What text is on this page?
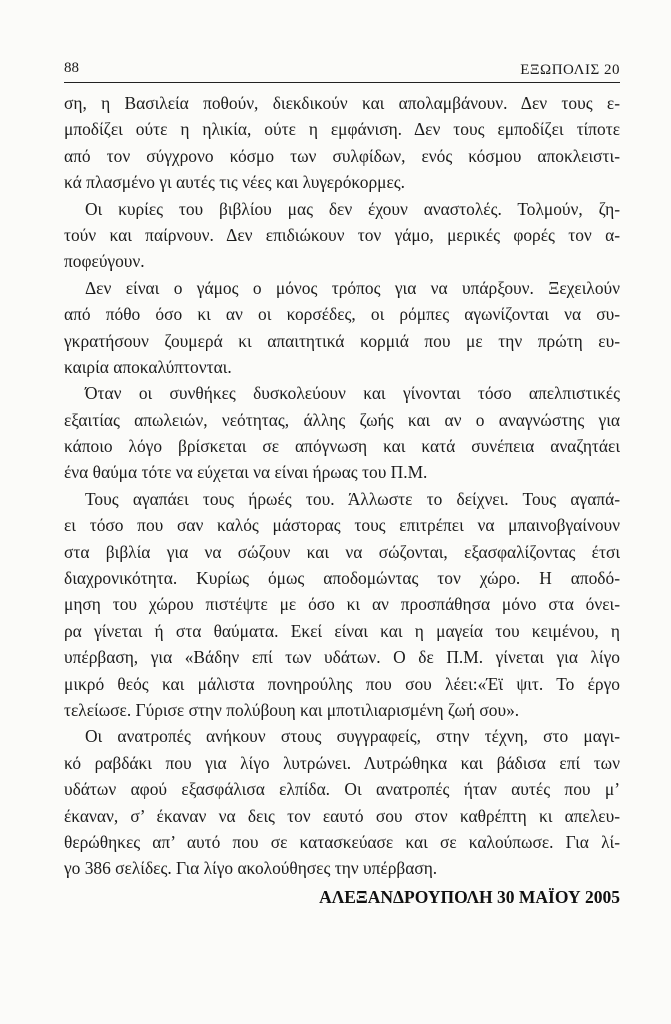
88	ΕΞΩΠΟΛΙΣ 20
ση, η Βασιλεία ποθούν, διεκδικούν και απολαμβάνουν. Δεν τους ε-
μποδίζει ούτε η ηλικία, ούτε η εμφάνιση. Δεν τους εμποδίζει τίποτε
από τον σύγχρονο κόσμο των συλφίδων, ενός κόσμου αποκλειστι-
κά πλασμένο γι αυτές τις νέες και λυγερόκορμες.
Οι κυρίες του βιβλίου μας δεν έχουν αναστολές. Τολμούν, ζη-
τούν και παίρνουν. Δεν επιδιώκουν τον γάμο, μερικές φορές τον α-
ποφεύγουν.
Δεν είναι ο γάμος ο μόνος τρόπος για να υπάρξουν. Ξεχειλούν
από πόθο όσο κι αν οι κορσέδες, οι ρόμπες αγωνίζονται να συ-
γκρατήσουν ζουμερά κι απαιτητικά κορμιά που με την πρώτη ευ-
καιρία αποκαλύπτονται.
Όταν οι συνθήκες δυσκολεύουν και γίνονται τόσο απελπιστικές
εξαιτίας απωλειών, νεότητας, άλλης ζωής και αν ο αναγνώστης για
κάποιο λόγο βρίσκεται σε απόγνωση και κατά συνέπεια αναζητάει
ένα θαύμα τότε να εύχεται να είναι ήρωας του Π.Μ.
Τους αγαπάει τους ήρωές του. Άλλωστε το δείχνει. Τους αγαπά-
ει τόσο που σαν καλός μάστορας τους επιτρέπει να μπαινοβγαίνουν
στα βιβλία για να σώζουν και να σώζονται, εξασφαλίζοντας έτσι
διαχρονικότητα. Κυρίως όμως αποδομώντας τον χώρο. Η αποδό-
μηση του χώρου πιστέψτε με όσο κι αν προσπάθησα μόνο στα όνει-
ρα γίνεται ή στα θαύματα. Εκεί είναι και η μαγεία του κειμένου, η
υπέρβαση, για «Βάδην επί των υδάτων. Ο δε Π.Μ. γίνεται για λίγο
μικρό θεός και μάλιστα πονηρούλης που σου λέει:«Έϊ ψιτ. Το έργο
τελείωσε. Γύρισε στην πολύβουη και μποτιλιαρισμένη ζωή σου».
Οι ανατροπές ανήκουν στους συγγραφείς, στην τέχνη, στο μαγι-
κό ραβδάκι που για λίγο λυτρώνει. Λυτρώθηκα και βάδισα επί των
υδάτων αφού εξασφάλισα ελπίδα. Οι ανατροπές ήταν αυτές που μ’
έκαναν, σ’ έκαναν να δεις τον εαυτό σου στον καθρέπτη κι απελευ-
θερώθηκες απ’ αυτό που σε κατασκεύασε και σε καλούπωσε. Για λί-
γο 386 σελίδες. Για λίγο ακολούθησες την υπέρβαση.
ΑΛΕΞΑΝΔΡΟΥΠΟΛΗ 30 ΜΑΪΟΥ 2005
